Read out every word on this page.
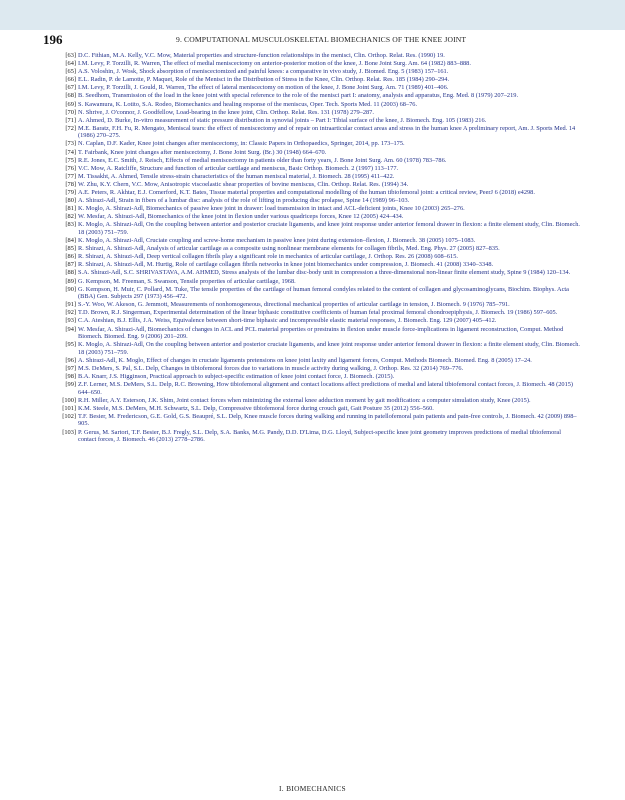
196	9. COMPUTATIONAL MUSCULOSKELETAL BIOMECHANICS OF THE KNEE JOINT
[63] D.C. Fithian, M.A. Kelly, V.C. Mow, Material properties and structure-function relationships in the menisci, Clin. Orthop. Relat. Res. (1990) 19.
[64] I.M. Levy, P. Torzilli, R. Warren, The effect of medial meniscectomy on anterior-posterior motion of the knee, J. Bone Joint Surg. Am. 64 (1982) 883–888.
[65] A.S. Voloshin, J. Wosk, Shock absorption of meniscectomized and painful knees: a comparative in vivo study, J. Biomed. Eng. 5 (1983) 157–161.
[66] E.L. Radin, P. de Lamotte, P. Maquet, Role of the Menisci in the Distribution of Stress in the Knee, Clin. Orthop. Relat. Res. 185 (1984) 290–294.
[67] I.M. Levy, P. Torzilli, J. Gould, R. Warren, The effect of lateral meniscectomy on motion of the knee, J. Bone Joint Surg. Am. 71 (1989) 401–406.
[68] B. Seedhom, Transmission of the load in the knee joint with special reference to the role of the menisci part I: anatomy, analysis and apparatus, Eng. Med. 8 (1979) 207–219.
[69] S. Kawamura, K. Lotito, S.A. Rodeo, Biomechanics and healing response of the meniscus, Oper. Tech. Sports Med. 11 (2003) 68–76.
[70] N. Shrive, J. O'connor, J. Goodfellow, Load-bearing in the knee joint, Clin. Orthop. Relat. Res. 131 (1978) 279–287.
[71] A. Ahmed, D. Burke, In-vitro measurement of static pressure distribution in synovial joints – Part I: Tibial surface of the knee, J. Biomech. Eng. 105 (1983) 216.
[72] M.E. Baratz, F.H. Fu, R. Mengato, Meniscal tears: the effect of meniscectomy and of repair on intraarticular contact areas and stress in the human knee A preliminary report, Am. J. Sports Med. 14 (1986) 270–275.
[73] N. Caplan, D.F. Kader, Knee joint changes after meniscectomy, in: Classic Papers in Orthopaedics, Springer, 2014, pp. 173–175.
[74] T. Fairbank, Knee joint changes after meniscectomy, J. Bone Joint Surg. (Br.) 30 (1948) 664–670.
[75] R.E. Jones, E.C. Smith, J. Reisch, Effects of medial meniscectomy in patients older than forty years, J. Bone Joint Surg. Am. 60 (1978) 783–786.
[76] V.C. Mow, A. Ratcliffe, Structure and function of articular cartilage and meniscus, Basic Orthop. Biomech. 2 (1997) 113–177.
[77] M. Tissakht, A. Ahmed, Tensile stress-strain characteristics of the human meniscal material, J. Biomech. 28 (1995) 411–422.
[78] W. Zhu, K.Y. Chern, V.C. Mow, Anisotropic viscoelastic shear properties of bovine meniscus, Clin. Orthop. Relat. Res. (1994) 34.
[79] A.E. Peters, R. Akhtar, E.J. Comerford, K.T. Bates, Tissue material properties and computational modelling of the human tibiofemoral joint: a critical review, PeerJ 6 (2018) e4298.
[80] A. Shirazi-Adl, Strain in fibers of a lumbar disc: analysis of the role of lifting in producing disc prolapse, Spine 14 (1989) 96–103.
[81] K. Moglo, A. Shirazi-Adl, Biomechanics of passive knee joint in drawer: load transmission in intact and ACL-deficient joints, Knee 10 (2003) 265–276.
[82] W. Mesfar, A. Shirazi-Adl, Biomechanics of the knee joint in flexion under various quadriceps forces, Knee 12 (2005) 424–434.
[83] K. Moglo, A. Shirazi-Adl, On the coupling between anterior and posterior cruciate ligaments, and knee joint response under anterior femoral drawer in flexion: a finite element study, Clin. Biomech. 18 (2003) 751–759.
[84] K. Moglo, A. Shirazi-Adl, Cruciate coupling and screw-home mechanism in passive knee joint during extension–flexion, J. Biomech. 38 (2005) 1075–1083.
[85] R. Shirazi, A. Shirazi-Adl, Analysis of articular cartilage as a composite using nonlinear membrane elements for collagen fibrils, Med. Eng. Phys. 27 (2005) 827–835.
[86] R. Shirazi, A. Shirazi-Adl, Deep vertical collagen fibrils play a significant role in mechanics of articular cartilage, J. Orthop. Res. 26 (2008) 608–615.
[87] R. Shirazi, A. Shirazi-Adl, M. Hurtig, Role of cartilage collagen fibrils networks in knee joint biomechanics under compression, J. Biomech. 41 (2008) 3340–3348.
[88] S.A. Shirazi-Adl, S.C. SHRIVASTAVA, A.M. AHMED, Stress analysis of the lumbar disc-body unit in compression a three-dimensional non-linear finite element study, Spine 9 (1984) 120–134.
[89] G. Kempson, M. Freeman, S. Swanson, Tensile properties of articular cartilage, 1968.
[90] G. Kempson, H. Muir, C. Pollard, M. Tuke, The tensile properties of the cartilage of human femoral condyles related to the content of collagen and glycosaminoglycans, Biochim. Biophys. Acta (BBA) Gen. Subjects 297 (1973) 456–472.
[91] S.-Y. Woo, W. Akeson, G. Jemmott, Measurements of nonhomogeneous, directional mechanical properties of articular cartilage in tension, J. Biomech. 9 (1976) 785–791.
[92] T.D. Brown, R.J. Singerman, Experimental determination of the linear biphasic constitutive coefficients of human fetal proximal femoral chondroepiphysis, J. Biomech. 19 (1986) 597–605.
[93] C.A. Ateshian, B.J. Ellis, J.A. Weiss, Equivalence between short-time biphasic and incompressible elastic material responses, J. Biomech. Eng. 129 (2007) 405–412.
[94] W. Mesfar, A. Shirazi-Adl, Biomechanics of changes in ACL and PCL material properties or prestrains in flexion under muscle force-implications in ligament reconstruction, Comput. Method Biomech. Biomed. Eng. 9 (2006) 201–209.
[95] K. Moglo, A. Shirazi-Adl, On the coupling between anterior and posterior cruciate ligaments, and knee joint response under anterior femoral drawer in flexion: a finite element study, Clin. Biomech. 18 (2003) 751–759.
[96] A. Shirazi-Adl, K. Moglo, Effect of changes in cruciate ligaments pretensions on knee joint laxity and ligament forces, Comput. Methods Biomech. Biomed. Eng. 8 (2005) 17–24.
[97] M.S. DeMers, S. Pal, S.L. Delp, Changes in tibiofemoral forces due to variations in muscle activity during walking, J. Orthop. Res. 32 (2014) 769–776.
[98] B.A. Knarr, J.S. Higginson, Practical approach to subject-specific estimation of knee joint contact force, J. Biomech. (2015).
[99] Z.F. Lerner, M.S. DeMers, S.L. Delp, R.C. Browning, How tibiofemoral alignment and contact locations affect predictions of medial and lateral tibiofemoral contact forces, J. Biomech. 48 (2015) 644–650.
[100] R.H. Miller, A.Y. Esterson, J.K. Shim, Joint contact forces when minimizing the external knee adduction moment by gait modification: a computer simulation study, Knee (2015).
[101] K.M. Steele, M.S. DeMers, M.H. Schwartz, S.L. Delp, Compressive tibiofemoral force during crouch gait, Gait Posture 35 (2012) 556–560.
[102] T.F. Besier, M. Fredericson, G.E. Gold, G.S. Beaupré, S.L. Delp, Knee muscle forces during walking and running in patellofemoral pain patients and pain-free controls, J. Biomech. 42 (2009) 898–905.
[103] P. Gerus, M. Sartori, T.F. Besier, B.J. Fregly, S.L. Delp, S.A. Banks, M.G. Pandy, D.D. D'Lima, D.G. Lloyd, Subject-specific knee joint geometry improves predictions of medial tibiofemoral contact forces, J. Biomech. 46 (2013) 2778–2786.
I. BIOMECHANICS
